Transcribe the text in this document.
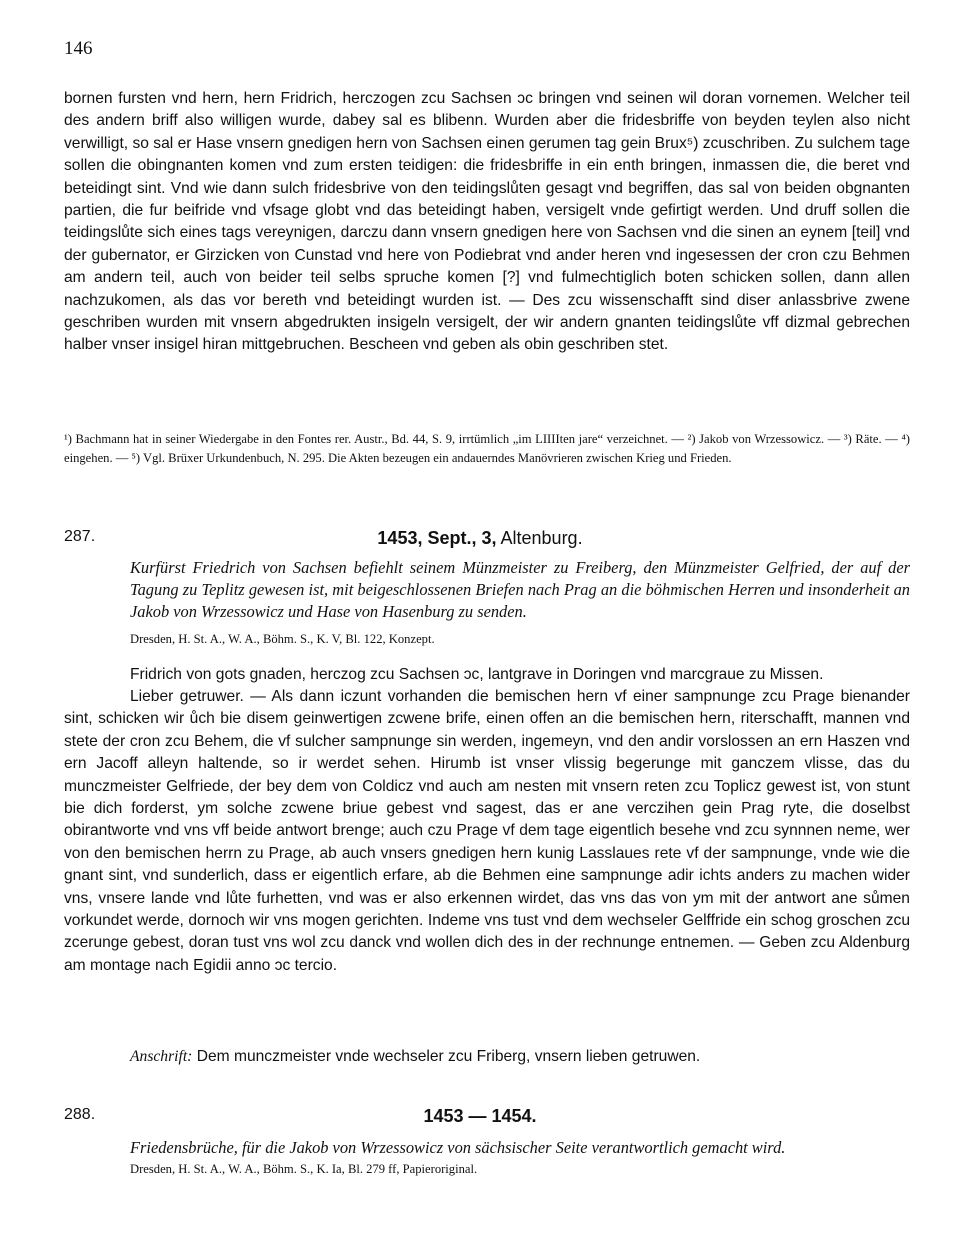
146

bornen fursten vnd hern, hern Fridrich, herczogen zcu Sachsen ɔc bringen vnd seinen wil doran vornemen. Welcher teil des andern briff also willigen wurde, dabey sal es blibenn. Wurden aber die fridesbriffe von beyden teylen also nicht verwilligt, so sal er Hase vnsern gnedigen hern von Sachsen einen gerumen tag gein Brux⁵) zcuschriben. Zu sulchem tage sollen die obingnanten komen vnd zum ersten teidigen: die fridesbriffe in ein enth bringen, inmassen die, die beret vnd beteidingt sint. Vnd wie dann sulch fridesbrive von den teidingslůten gesagt vnd begriffen, das sal von beiden obgnanten partien, die fur beifride vnd vfsage globt vnd das beteidingt haben, versigelt vnde gefirtigt werden. Und druff sollen die teidingslůte sich eines tags vereynigen, darczu dann vnsern gnedigen here von Sachsen vnd die sinen an eynem [teil] vnd der gubernator, er Girzicken von Cunstad vnd here von Podiebrat vnd ander heren vnd ingesessen der cron czu Behmen am andern teil, auch von beider teil selbs spruche komen [?] vnd fulmechtiglich boten schicken sollen, dann allen nachzukomen, als das vor bereth vnd beteidingt wurden ist. — Des zcu wissenschafft sind diser anlassbrive zwene geschriben wurden mit vnsern abgedrukten insigeln versigelt, der wir andern gnanten teidingslůte vff dizmal gebrechen halber vnser insigel hiran mittgebruchen. Bescheen vnd geben als obin geschriben stet.

¹) Bachmann hat in seiner Wiedergabe in den Fontes rer. Austr., Bd. 44, S. 9, irrtümlich „im LIIIIten jare“ verzeichnet. — ²) Jakob von Wrzessowicz. — ³) Räte. — ⁴) eingehen. — ⁵) Vgl. Brüxer Urkundenbuch, N. 295. Die Akten bezeugen ein andauerndes Manövrieren zwischen Krieg und Frieden.

287.	1453, Sept., 3, Altenburg.

Kurfürst Friedrich von Sachsen befiehlt seinem Münzmeister zu Freiberg, den Münzmeister Gelfried, der auf der Tagung zu Teplitz gewesen ist, mit beigeschlossenen Briefen nach Prag an die böhmischen Herren und insonderheit an Jakob von Wrzessowicz und Hase von Hasenburg zu senden.

Dresden, H. St. A., W. A., Böhm. S., K. V, Bl. 122, Konzept.

Fridrich von gots gnaden, herczog zcu Sachsen ɔc, lantgrave in Doringen vnd marcgraue zu Missen.

Lieber getruwer. — Als dann iczunt vorhanden die bemischen hern vf einer sampnunge zcu Prage bienander sint, schicken wir ůch bie disem geinwertigen zcwene brife, einen offen an die bemischen hern, riterschafft, mannen vnd stete der cron zcu Behem, die vf sulcher sampnunge sin werden, ingemeyn, vnd den andir vorslossen an ern Haszen vnd ern Jacoff alleyn haltende, so ir werdet sehen. Hirumb ist vnser vlissig begerunge mit ganczem vlisse, das du munczmeister Gelfriede, der bey dem von Coldicz vnd auch am nesten mit vnsern reten zcu Toplicz gewest ist, von stunt bie dich forderst, ym solche zcwene briue gebest vnd sagest, das er ane verczihen gein Prag ryte, die doselbst obirantworte vnd vns vff beide antwort brenge; auch czu Prage vf dem tage eigentlich besehe vnd zcu synnnen neme, wer von den bemischen herrn zu Prage, ab auch vnsers gnedigen hern kunig Lasslaues rete vf der sampnunge, vnde wie die gnant sint, vnd sunderlich, dass er eigentlich erfare, ab die Behmen eine sampnunge adir ichts anders zu machen wider vns, vnsere lande vnd lůte furhetten, vnd was er also erkennen wirdet, das vns das von ym mit der antwort ane sůmen vorkundet werde, dornoch wir vns mogen gerichten. Indeme vns tust vnd dem wechseler Gelffride ein schog groschen zcu zcerunge gebest, doran tust vns wol zcu danck vnd wollen dich des in der rechnunge entnemen. — Geben zcu Aldenburg am montage nach Egidii anno ɔc tercio.

Anschrift: Dem munczmeister vnde wechseler zcu Friberg, vnsern lieben getruwen.
288.	1453 — 1454.

Friedensbrüche, für die Jakob von Wrzessowicz von sächsischer Seite verantwortlich gemacht wird.

Dresden, H. St. A., W. A., Böhm. S., K. Ia, Bl. 279 ff, Papieroriginal.
